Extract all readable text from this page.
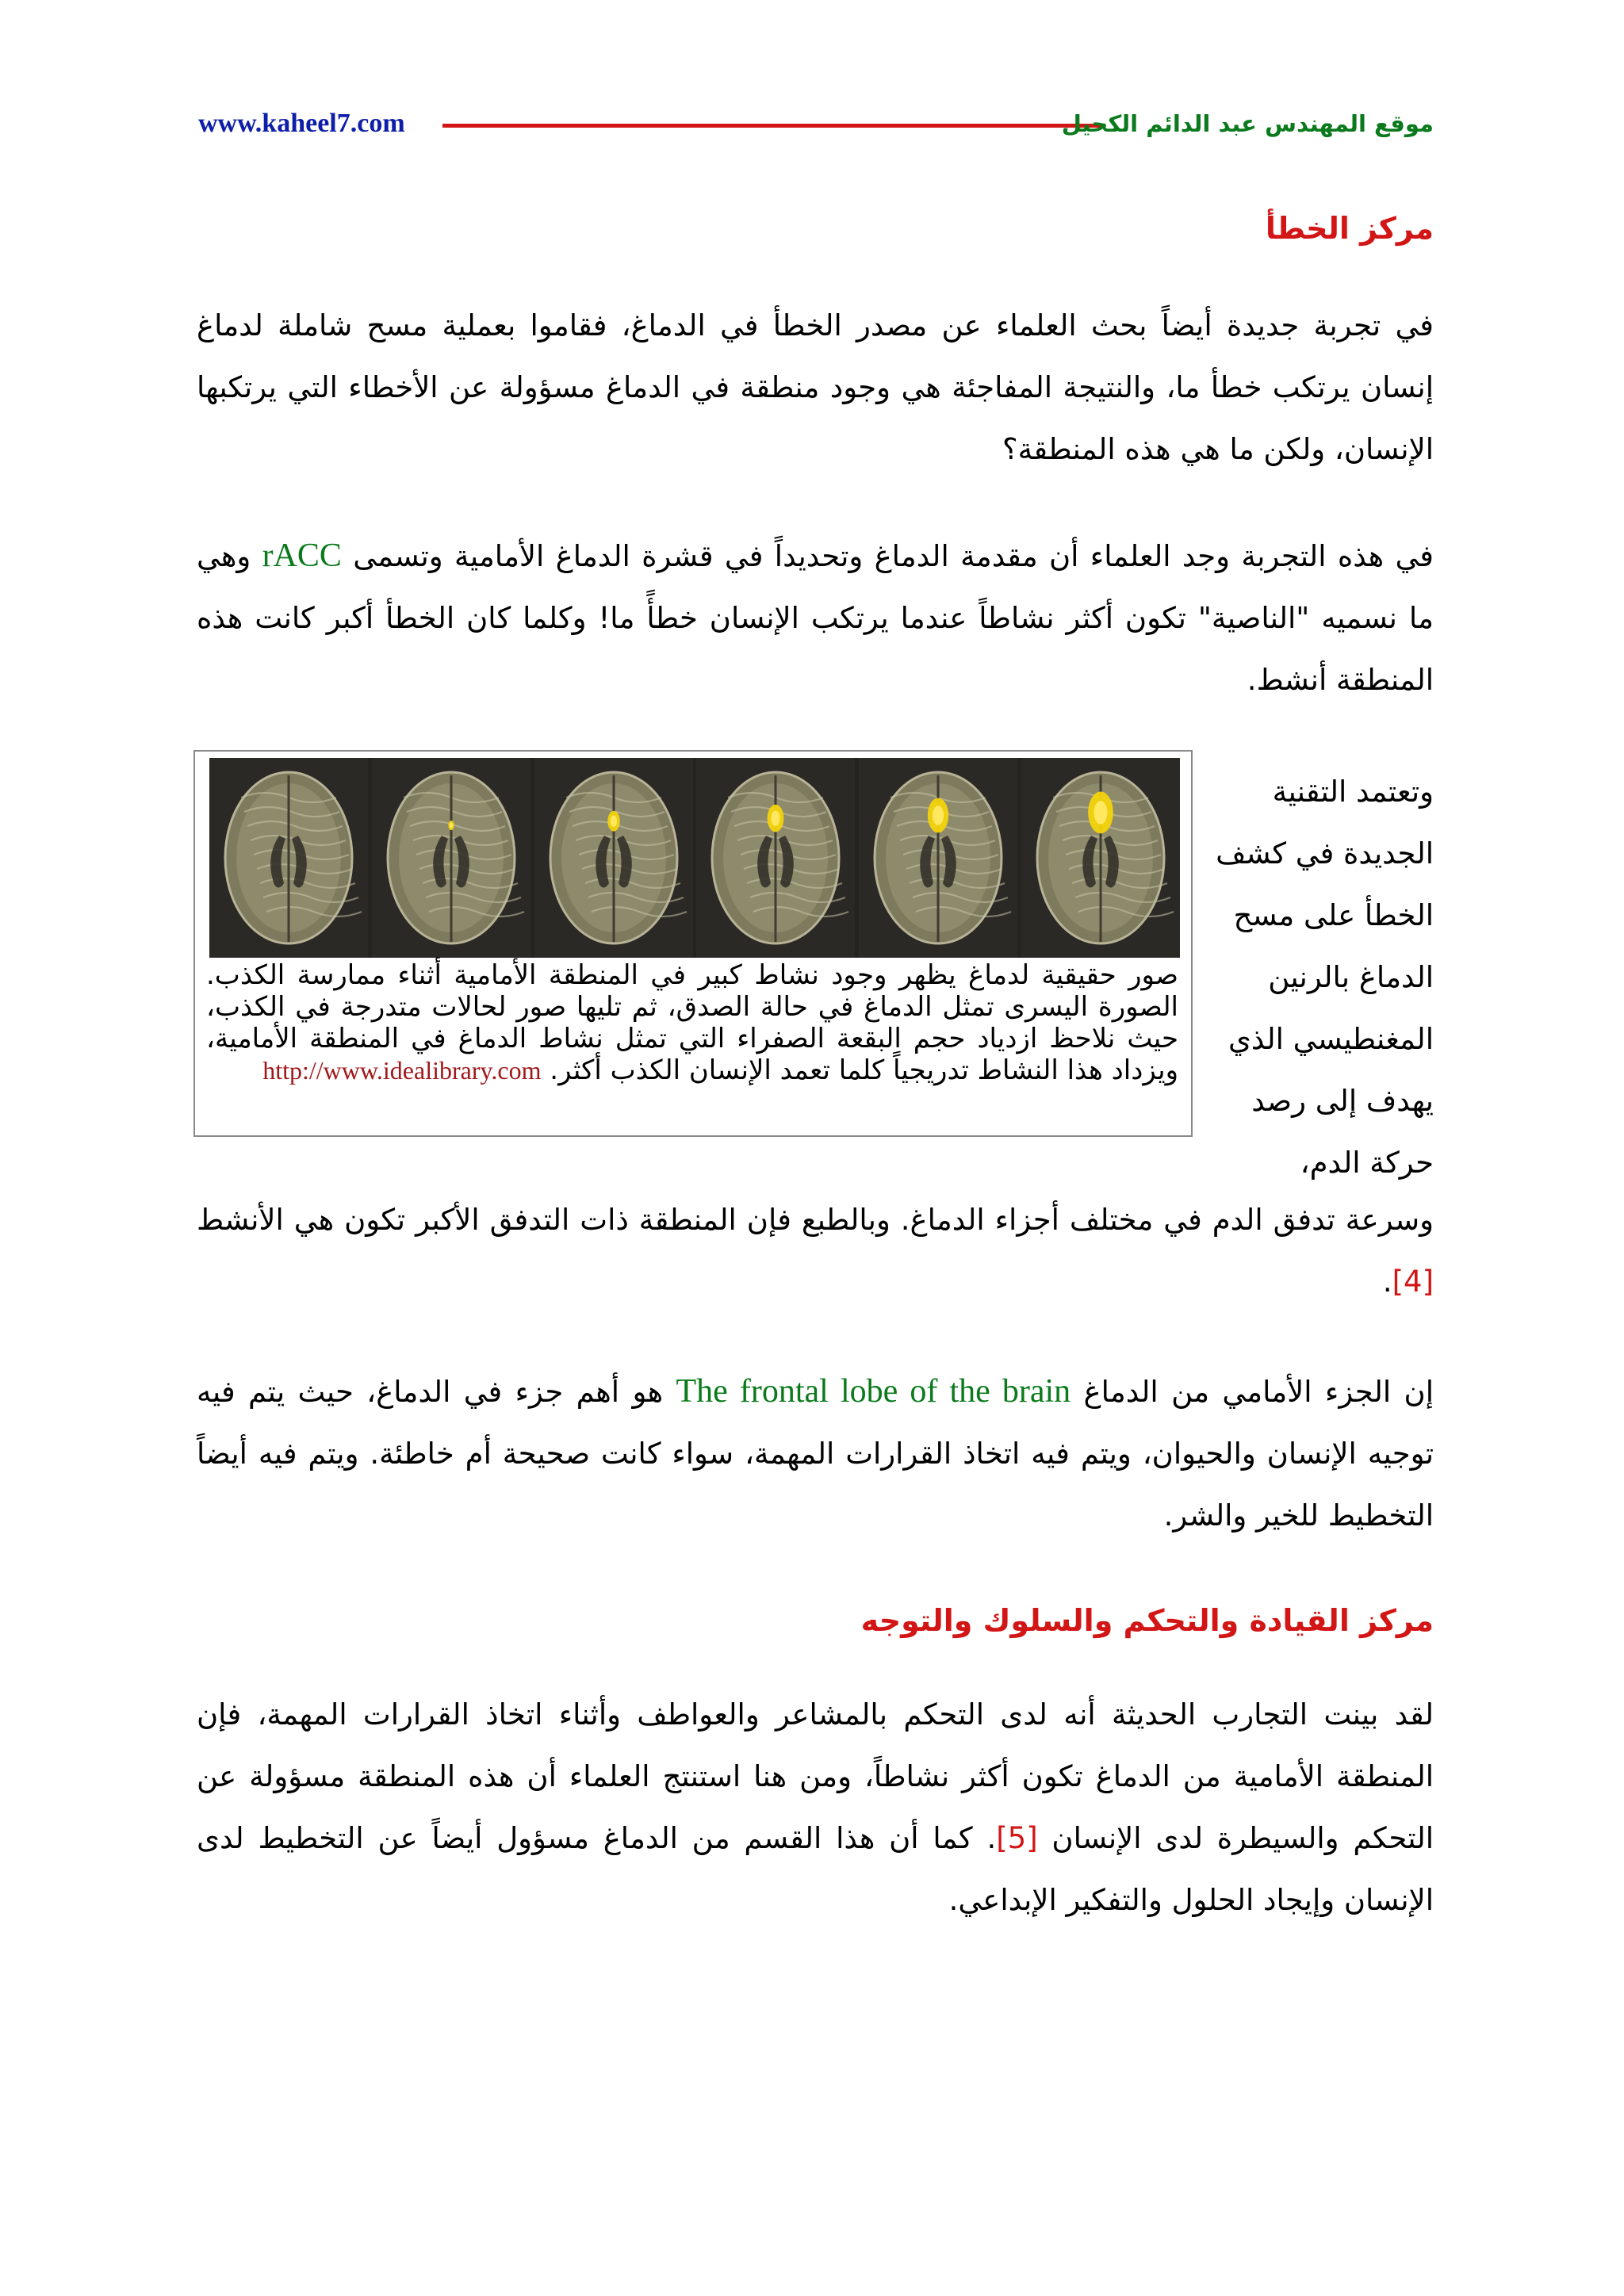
www.kaheel7.com	موقع المهندس عبد الدائم الكحيل
مركز الخطأ
في تجربة جديدة أيضاً بحث العلماء عن مصدر الخطأ في الدماغ، فقاموا بعملية مسح شاملة لدماغ إنسان يرتكب خطأ ما، والنتيجة المفاجئة هي وجود منطقة في الدماغ مسؤولة عن الأخطاء التي يرتكبها الإنسان، ولكن ما هي هذه المنطقة؟
في هذه التجربة وجد العلماء أن مقدمة الدماغ وتحديداً في قشرة الدماغ الأمامية وتسمى rACC وهي ما نسميه "الناصية" تكون أكثر نشاطاً عندما يرتكب الإنسان خطأً ما! وكلما كان الخطأ أكبر كانت هذه المنطقة أنشط.
صور حقيقية لدماغ يظهر وجود نشاط كبير في المنطقة الأمامية أثناء ممارسة الكذب. الصورة اليسرى تمثل الدماغ في حالة الصدق، ثم تليها صور لحالات متدرجة في الكذب، حيث نلاحظ ازدياد حجم البقعة الصفراء التي تمثل نشاط الدماغ في المنطقة الأمامية، ويزداد هذا النشاط تدريجياً كلما تعمد الإنسان الكذب أكثر. http://www.idealibrary.com
وتعتمد التقنية الجديدة في كشف الخطأ على مسح الدماغ بالرنين المغنطيسي الذي يهدف إلى رصد حركة الدم،
وسرعة تدفق الدم في مختلف أجزاء الدماغ. وبالطبع فإن المنطقة ذات التدفق الأكبر تكون هي الأنشط [4].
إن الجزء الأمامي من الدماغ The frontal lobe of the brain هو أهم جزء في الدماغ، حيث يتم فيه توجيه الإنسان والحيوان، ويتم فيه اتخاذ القرارات المهمة، سواء كانت صحيحة أم خاطئة. ويتم فيه أيضاً التخطيط للخير والشر.
مركز القيادة والتحكم والسلوك والتوجه
لقد بينت التجارب الحديثة أنه لدى التحكم بالمشاعر والعواطف وأثناء اتخاذ القرارات المهمة، فإن المنطقة الأمامية من الدماغ تكون أكثر نشاطاً، ومن هنا استنتج العلماء أن هذه المنطقة مسؤولة عن التحكم والسيطرة لدى الإنسان [5]. كما أن هذا القسم من الدماغ مسؤول أيضاً عن التخطيط لدى الإنسان وإيجاد الحلول والتفكير الإبداعي.
